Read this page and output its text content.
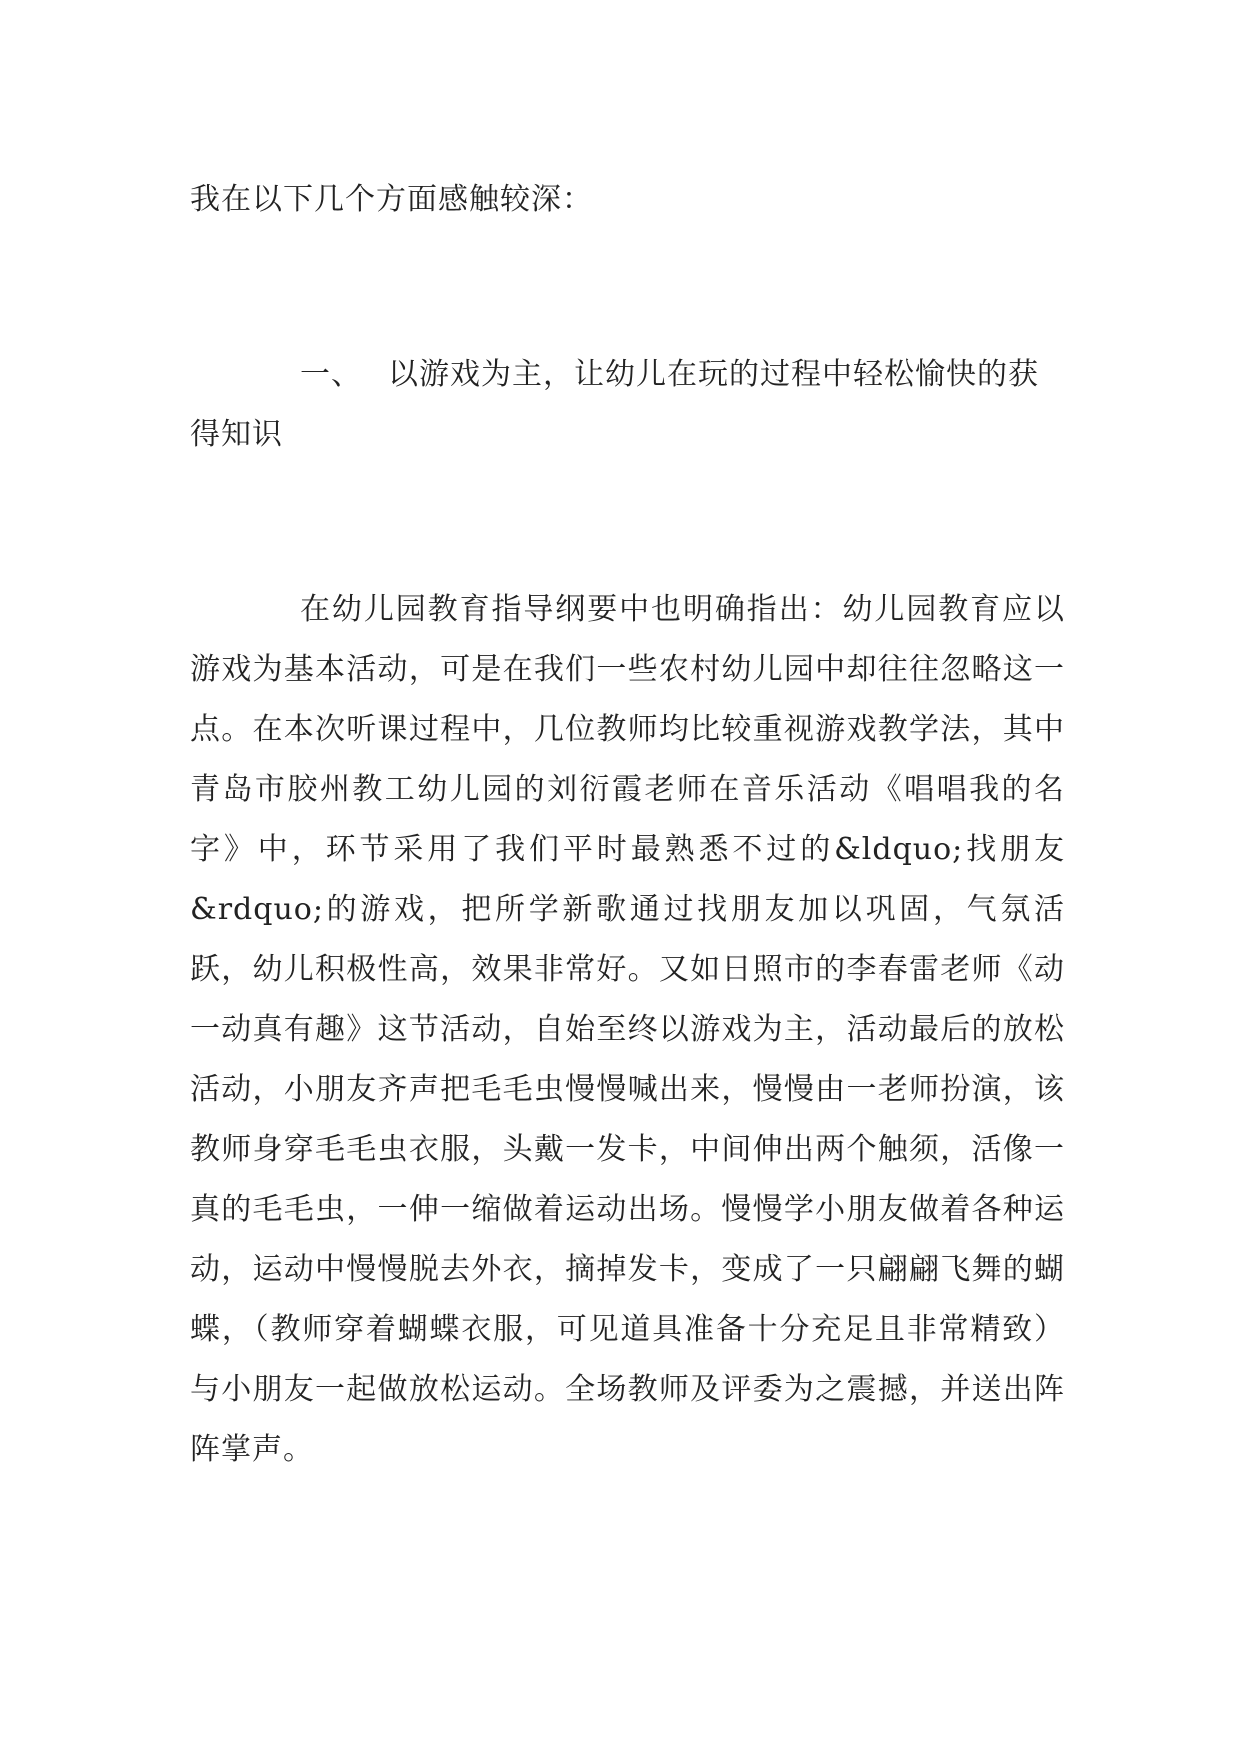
我在以下几个方面感触较深：

一、 以游戏为主，让幼儿在玩的过程中轻松愉快的获得知识

在幼儿园教育指导纲要中也明确指出：幼儿园教育应以游戏为基本活动，可是在我们一些农村幼儿园中却往往忽略这一点。在本次听课过程中，几位教师均比较重视游戏教学法，其中青岛市胶州教工幼儿园的刘衍霞老师在音乐活动《唱唱我的名字》中，环节采用了我们平时最熟悉不过的&ldquo;找朋友&rdquo;的游戏，把所学新歌通过找朋友加以巩固，气氛活跃，幼儿积极性高，效果非常好。又如日照市的李春雷老师《动一动真有趣》这节活动，自始至终以游戏为主，活动最后的放松活动，小朋友齐声把毛毛虫慢慢喊出来，慢慢由一老师扮演，该教师身穿毛毛虫衣服，头戴一发卡，中间伸出两个触须，活像一真的毛毛虫，一伸一缩做着运动出场。慢慢学小朋友做着各种运动，运动中慢慢脱去外衣，摘掉发卡，变成了一只翩翩飞舞的蝴蝶，（教师穿着蝴蝶衣服，可见道具准备十分充足且非常精致）与小朋友一起做放松运动。全场教师及评委为之震撼，并送出阵阵掌声。
